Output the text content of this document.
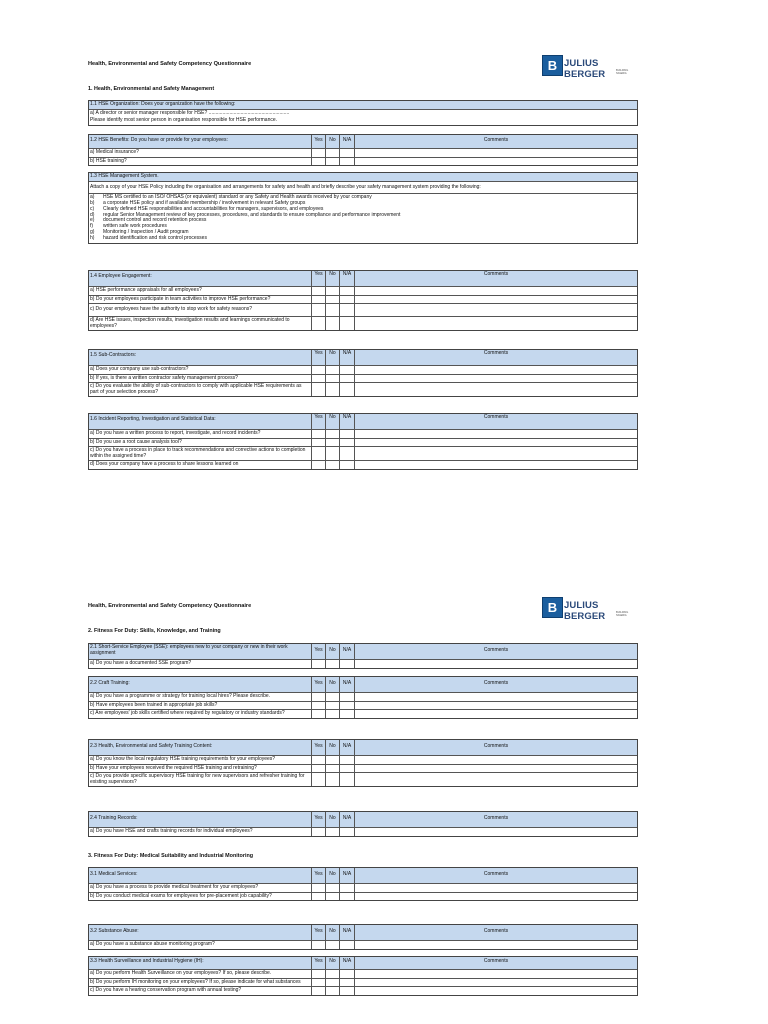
Health, Environmental and Safety Competency Questionnaire	B JULIUS BERGER	BUILDING NIGERIA
1. Health, Environmental and Safety Management
1.1 HSE Organization: Does your organization have the following:
a) A director or senior manager responsible for HSE? ..........................................................
Please identify most senior person in organisation responsible for HSE performance.
1.2 HSE Benefits: Do you have or provide for your employees:	Yes	No	N/A	Comments
a) Medical insurance?
b) HSE training?
1.3 HSE Management System.
Attach a copy of your HSE Policy including the organisation and arrangements for safety and health and briefly describe your safety management system providing the following:
a)	HSE MS certified to an ISO/ OHSAS (or equivalent) standard or any Safety and Health awards received by your company
b)	a corporate HSE policy and if available membership / involvement in relevant Safety groups
c)	Clearly defined HSE responsibilities and accountabilities for managers, supervisors, and employees
d)	regular Senior Management review of key processes, procedures, and standards to ensure compliance and performance improvement
e)	document control and record retention process
f)	written safe work procedures
g)	Monitoring / Inspection / Audit program
h)	hazard identification and risk control processes
1.4 Employee Engagement:	Yes	No	N/A	Comments
a) HSE performance appraisals for all employees?
b) Do your employees participate in team activities to improve HSE performance?
c) Do your employees have the authority to stop work for safety reasons?
d) Are HSE issues, inspection results, investigation results and learnings communicated to employees?
1.5 Sub-Contractors:	Yes	No	N/A	Comments
a) Does your company use sub-contractors?
b) If yes, is there a written contractor safety management process?
c) Do you evaluate the ability of sub-contractors to comply with applicable HSE requirements as part of your selection process?
1.6 Incident Reporting, Investigation and Statistical Data:	Yes	No	N/A	Comments
a) Do you have a written process to report, investigate, and record incidents?
b) Do you use a root cause analysis tool?
c) Do you have a process in place to track recommendations and corrective actions to completion within the assigned time?
d) Does your company have a process to share lessons learned on
Health, Environmental and Safety Competency Questionnaire	B JULIUS BERGER	BUILDING NIGERIA
2. Fitness For Duty: Skills, Knowledge, and Training
2.1 Short-Service Employee (SSE): employees new to your company or new in their work assignment	Yes	No	N/A	Comments
a) Do you have a documented SSE program?
2.2 Craft Training:	Yes	No	N/A	Comments
a) Do you have a programme or strategy for training local hires? Please describe.
b) Have employees been trained in appropriate job skills?
c) Are employees' job skills certified where required by regulatory or industry standards?
2.3 Health, Environmental and Safety Training Content:	Yes	No	N/A	Comments
a) Do you know the local regulatory HSE training requirements for your employees?
b) Have your employees received the required HSE training and retraining?
c) Do you provide specific supervisory HSE training for new supervisors and refresher training for existing supervisors?
2.4 Training Records:	Yes	No	N/A	Comments
a) Do you have HSE and crafts training records for individual employees?
3. Fitness For Duty: Medical Suitability and Industrial Monitoring
3.1 Medical Services:	Yes	No	N/A	Comments
a) Do you have a process to provide medical treatment for your employees?
b) Do you conduct medical exams for employees for pre-placement job capability?
3.2 Substance Abuse:	Yes	No	N/A	Comments
a) Do you have a substance abuse monitoring program?
3.3 Health Surveillance and Industrial Hygiene (IH):	Yes	No	N/A	Comments
a) Do you perform Health Surveillance on your employees? If so, please describe.
b) Do you perform IH monitoring on your employees? If so, please indicate for what substances
c) Do you have a hearing conservation program with annual testing?
